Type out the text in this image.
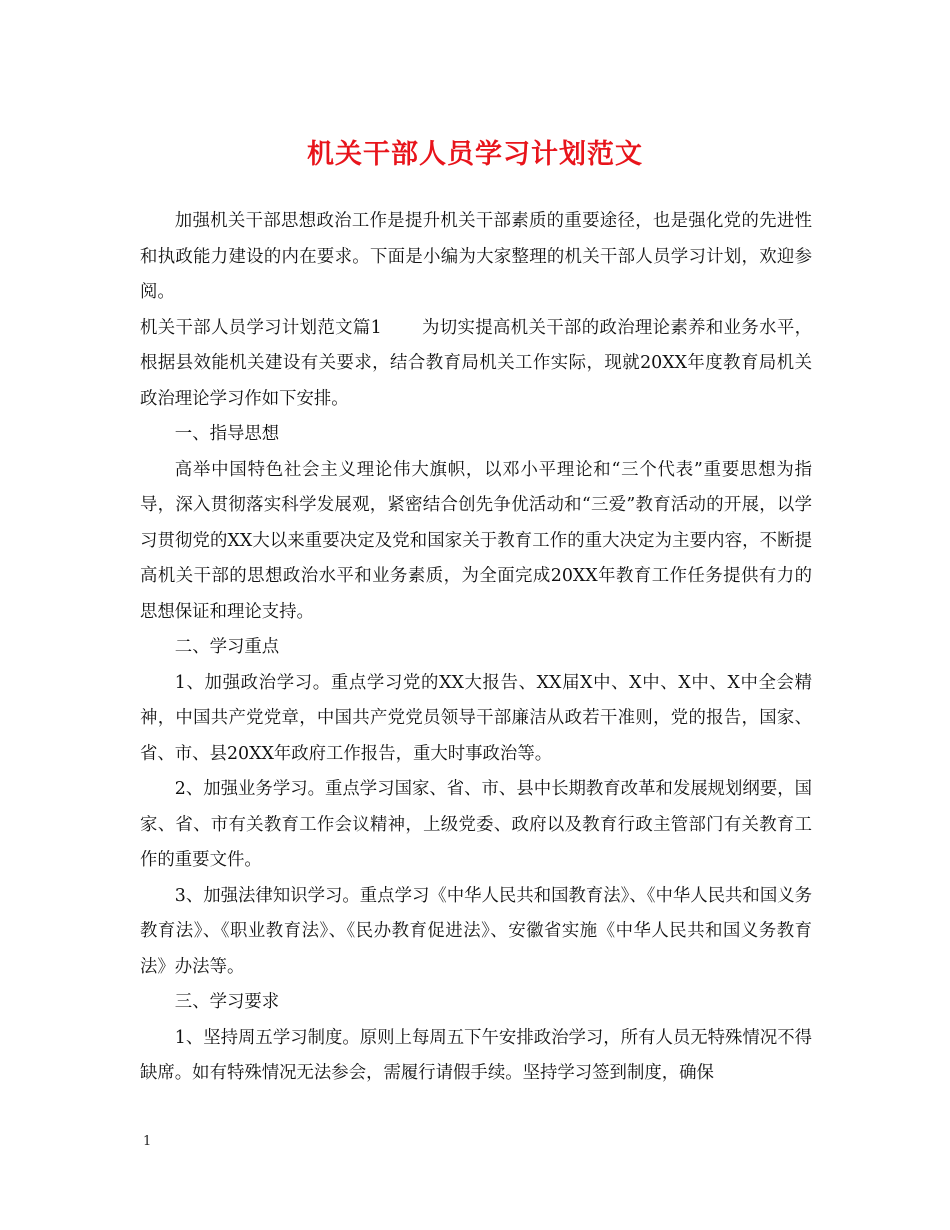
机关干部人员学习计划范文

加强机关干部思想政治工作是提升机关干部素质的重要途径，也是强化党的先进性和执政能力建设的内在要求。下面是小编为大家整理的机关干部人员学习计划，欢迎参阅。

机关干部人员学习计划范文篇1 为切实提高机关干部的政治理论素养和业务水平，根据县效能机关建设有关要求，结合教育局机关工作实际，现就20XX年度教育局机关政治理论学习作如下安排。

一、指导思想

高举中国特色社会主义理论伟大旗帜，以邓小平理论和“三个代表”重要思想为指导，深入贯彻落实科学发展观，紧密结合创先争优活动和“三爱”教育活动的开展，以学习贯彻党的XX大以来重要决定及党和国家关于教育工作的重大决定为主要内容，不断提高机关干部的思想政治水平和业务素质，为全面完成20XX年教育工作任务提供有力的思想保证和理论支持。

二、学习重点

1、加强政治学习。重点学习党的XX大报告、XX届X中、X中、X中、X中全会精神，中国共产党党章，中国共产党党员领导干部廉洁从政若干准则，党的报告，国家、省、市、县20XX年政府工作报告，重大时事政治等。

2、加强业务学习。重点学习国家、省、市、县中长期教育改革和发展规划纲要，国家、省、市有关教育工作会议精神，上级党委、政府以及教育行政主管部门有关教育工作的重要文件。

3、加强法律知识学习。重点学习《中华人民共和国教育法》、《中华人民共和国义务教育法》、《职业教育法》、《民办教育促进法》、安徽省实施《中华人民共和国义务教育法》办法等。

三、学习要求

1、坚持周五学习制度。原则上每周五下午安排政治学习，所有人员无特殊情况不得缺席。如有特殊情况无法参会，需履行请假手续。坚持学习签到制度，确保

1
